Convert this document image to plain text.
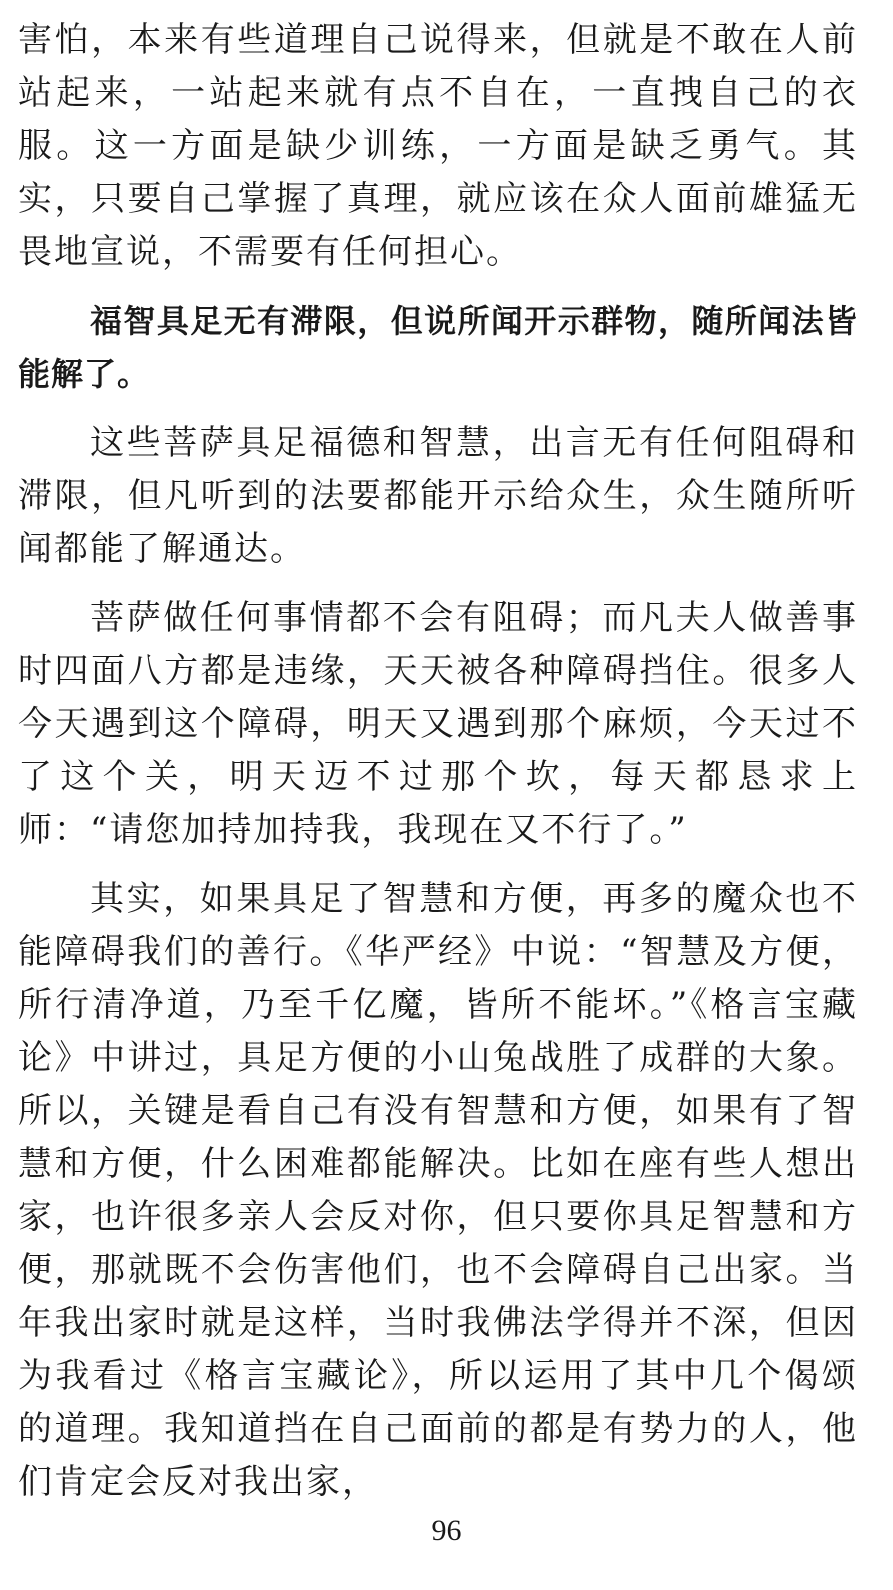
害怕，本来有些道理自己说得来，但就是不敢在人前站起来，一站起来就有点不自在，一直拽自己的衣服。这一方面是缺少训练，一方面是缺乏勇气。其实，只要自己掌握了真理，就应该在众人面前雄猛无畏地宣说，不需要有任何担心。

福智具足无有滞限，但说所闻开示群物，随所闻法皆能解了。

这些菩萨具足福德和智慧，出言无有任何阻碍和滞限，但凡听到的法要都能开示给众生，众生随所听闻都能了解通达。

菩萨做任何事情都不会有阻碍；而凡夫人做善事时四面八方都是违缘，天天被各种障碍挡住。很多人今天遇到这个障碍，明天又遇到那个麻烦，今天过不了这个关，明天迈不过那个坎，每天都恳求上师：“请您加持加持我，我现在又不行了。”

其实，如果具足了智慧和方便，再多的魔众也不能障碍我们的善行。《华严经》中说：“智慧及方便，所行清净道，乃至千亿魔，皆所不能坏。”《格言宝藏论》中讲过，具足方便的小山兔战胜了成群的大象。所以，关键是看自己有没有智慧和方便，如果有了智慧和方便，什么困难都能解决。比如在座有些人想出家，也许很多亲人会反对你，但只要你具足智慧和方便，那就既不会伤害他们，也不会障碍自己出家。当年我出家时就是这样，当时我佛法学得并不深，但因为我看过《格言宝藏论》，所以运用了其中几个偈颂的道理。我知道挡在自己面前的都是有势力的人，他们肯定会反对我出家，

96
